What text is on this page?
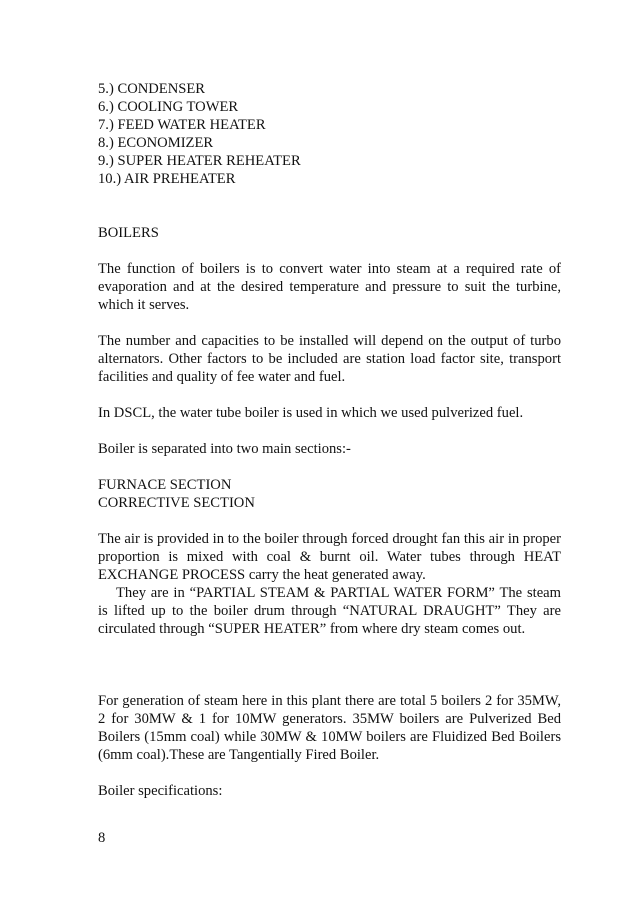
5.) CONDENSER

6.) COOLING TOWER

7.) FEED WATER HEATER

8.) ECONOMIZER

9.) SUPER HEATER REHEATER

10.) AIR PREHEATER

BOILERS

The function of boilers is to convert water into steam at a required rate of evaporation and at the desired temperature and pressure to suit the turbine, which it serves.

The number and capacities to be installed will depend on the output of turbo alternators. Other factors to be included are station load factor site, transport facilities and quality of fee water and fuel.

In DSCL, the water tube boiler is used in which we used pulverized fuel.

Boiler is separated into two main sections:-

FURNACE SECTION

CORRECTIVE SECTION

The air is provided in to the boiler through forced drought fan this air in proper proportion is mixed with coal & burnt oil. Water tubes through HEAT EXCHANGE PROCESS carry the heat generated away.

They are in “PARTIAL STEAM & PARTIAL WATER FORM” The steam is lifted up to the boiler drum through “NATURAL DRAUGHT” They are circulated through “SUPER HEATER” from where dry steam comes out.

For generation of steam here in this plant there are total 5 boilers 2 for 35MW, 2 for 30MW & 1 for 10MW generators. 35MW boilers are Pulverized Bed Boilers (15mm coal) while 30MW & 10MW boilers are Fluidized Bed Boilers (6mm coal).These are Tangentially Fired Boiler.

Boiler specifications:

8
